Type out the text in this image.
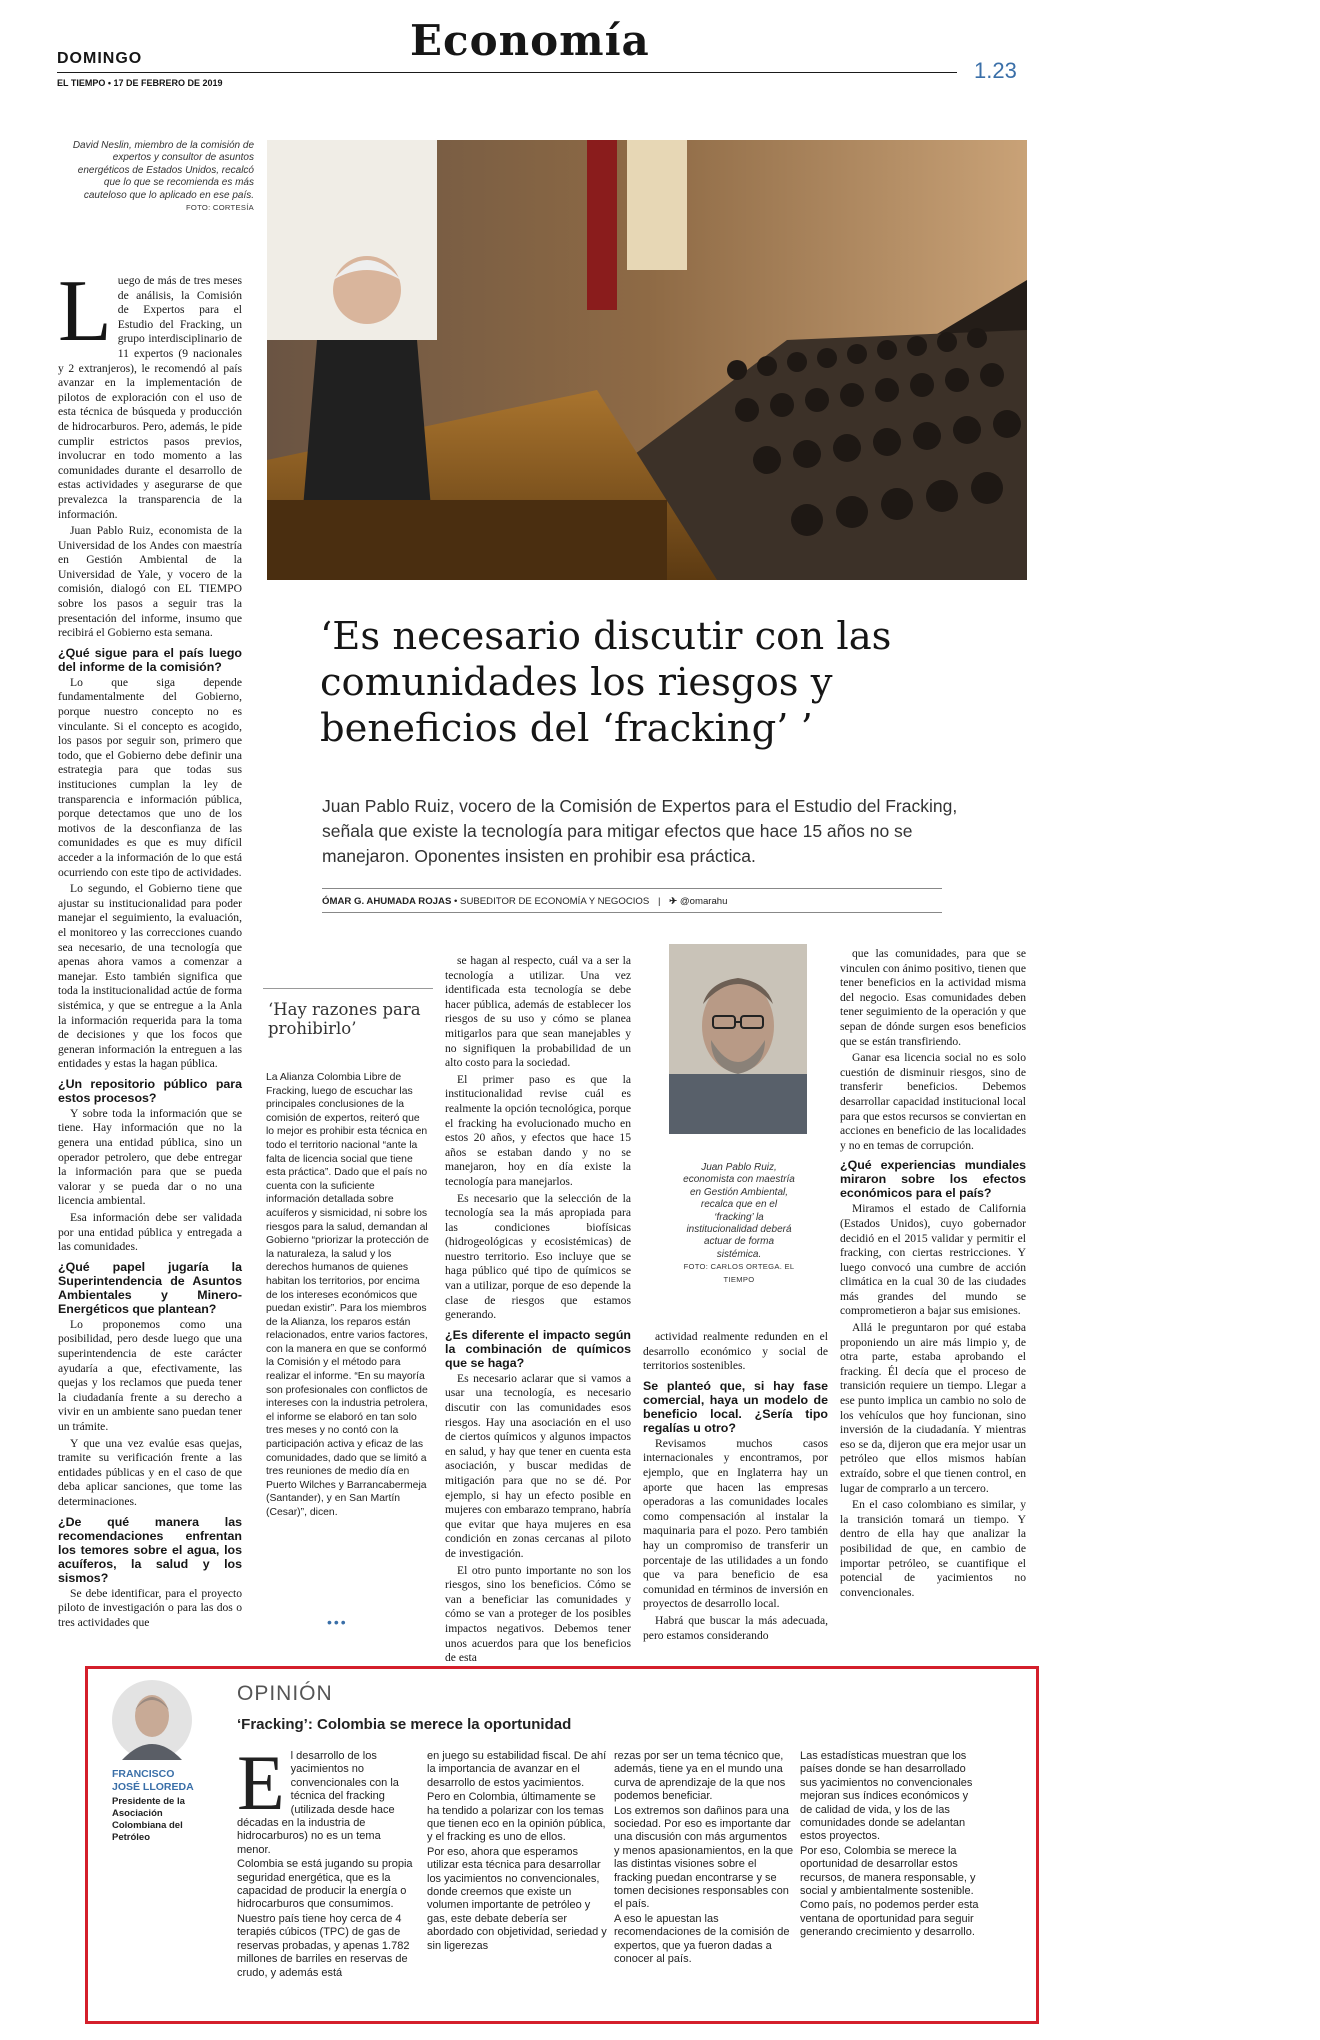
DOMINGO	Economía
EL TIEMPO • 17 DE FEBRERO DE 2019	1.23
David Neslin, miembro de la comisión de expertos y consultor de asuntos energéticos de Estados Unidos, recalcó que lo que se recomienda es más cauteloso que lo aplicado en ese país.
FOTO: CORTESÍA
‘Es necesario discutir con las comunidades los riesgos y beneficios del ‘fracking’ ’
Juan Pablo Ruiz, vocero de la Comisión de Expertos para el Estudio del Fracking, señala que existe la tecnología para mitigar efectos que hace 15 años no se manejaron. Oponentes insisten en prohibir esa práctica.
ÓMAR G. AHUMADA ROJAS • SUBEDITOR DE ECONOMÍA Y NEGOCIOS | ✈ @omarahu
L uego de más de tres meses de análisis, la Comisión de Expertos para el Estudio del Fracking, un grupo interdisciplinario de 11 expertos (9 nacionales y 2 extranjeros), le recomendó al país avanzar en la implementación de pilotos de exploración con el uso de esta técnica de búsqueda y producción de hidrocarburos. Pero, además, le pide cumplir estrictos pasos previos, involucrar en todo momento a las comunidades durante el desarrollo de estas actividades y asegurarse de que prevalezca la transparencia de la información.

Juan Pablo Ruiz, economista de la Universidad de los Andes con maestría en Gestión Ambiental de la Universidad de Yale, y vocero de la comisión, dialogó con EL TIEMPO sobre los pasos a seguir tras la presentación del informe, insumo que recibirá el Gobierno esta semana.

¿Qué sigue para el país luego del informe de la comisión?

Lo que siga depende fundamentalmente del Gobierno, porque nuestro concepto no es vinculante. Si el concepto es acogido, los pasos por seguir son, primero que todo, que el Gobierno debe definir una estrategia para que todas sus instituciones cumplan la ley de transparencia e información pública, porque detectamos que uno de los motivos de la desconfianza de las comunidades es que es muy difícil acceder a la información de lo que está ocurriendo con este tipo de actividades.

Lo segundo, el Gobierno tiene que ajustar su institucionalidad para poder manejar el seguimiento, la evaluación, el monitoreo y las correcciones cuando sea necesario, de una tecnología que apenas ahora vamos a comenzar a manejar. Esto también significa que toda la institucionalidad actúe de forma sistémica, y que se entregue a la Anla la información requerida para la toma de decisiones y que los focos que generan información la entreguen a las entidades y estas la hagan pública.

¿Un repositorio público para estos procesos?

Y sobre toda la información que se tiene. Hay información que no la genera una entidad pública, sino un operador petrolero, que debe entregar la información para que se pueda valorar y se pueda dar o no una licencia ambiental.

Esa información debe ser validada por una entidad pública y entregada a las comunidades.

¿Qué papel jugaría la Superintendencia de Asuntos Ambientales y Minero-Energéticos que plantean?

Lo proponemos como una posibilidad, pero desde luego que una superintendencia de este carácter ayudaría a que, efectivamente, las quejas y los reclamos que pueda tener la ciudadanía frente a su derecho a vivir en un ambiente sano puedan tener un trámite.

Y que una vez evalúe esas quejas, tramite su verificación frente a las entidades públicas y en el caso de que deba aplicar sanciones, que tome las determinaciones.

¿De qué manera las recomendaciones enfrentan los temores sobre el agua, los acuíferos, la salud y los sismos?

Se debe identificar, para el proyecto piloto de investigación o para las dos o tres actividades que

se hagan al respecto, cuál va a ser la tecnología a utilizar. Una vez identificada esta tecnología se debe hacer pública, además de establecer los riesgos de su uso y cómo se planea mitigarlos para que sean manejables y no signifiquen la probabilidad de un alto costo para la sociedad.

El primer paso es que la institucionalidad revise cuál es realmente la opción tecnológica, porque el fracking ha evolucionado mucho en estos 20 años, y efectos que hace 15 años se estaban dando y no se manejaron, hoy en día existe la tecnología para manejarlos.

Es necesario que la selección de la tecnología sea la más apropiada para las condiciones biofísicas (hidrogeológicas y ecosistémicas) de nuestro territorio. Eso incluye que se haga público qué tipo de químicos se van a utilizar, porque de eso depende la clase de riesgos que estamos generando.

¿Es diferente el impacto según la combinación de químicos que se haga?

Es necesario aclarar que si vamos a usar una tecnología, es necesario discutir con las comunidades esos riesgos. Hay una asociación en el uso de ciertos químicos y algunos impactos en salud, y hay que tener en cuenta esta asociación, y buscar medidas de mitigación para que no se dé. Por ejemplo, si hay un efecto posible en mujeres con embarazo temprano, habría que evitar que haya mujeres en esa condición en zonas cercanas al piloto de investigación.

El otro punto importante no son los riesgos, sino los beneficios. Cómo se van a beneficiar las comunidades y cómo se van a proteger de los posibles impactos negativos. Debemos tener unos acuerdos para que los beneficios de esta

actividad realmente redunden en el desarrollo económico y social de territorios sostenibles.

Se planteó que, si hay fase comercial, haya un modelo de beneficio local. ¿Sería tipo regalías u otro?

Revisamos muchos casos internacionales y encontramos, por ejemplo, que en Inglaterra hay un aporte que hacen las empresas operadoras a las comunidades locales como compensación al instalar la maquinaria para el pozo. Pero también hay un compromiso de transferir un porcentaje de las utilidades a un fondo que va para beneficio de esa comunidad en términos de inversión en proyectos de desarrollo local.

Habrá que buscar la más adecuada, pero estamos considerando

que las comunidades, para que se vinculen con ánimo positivo, tienen que tener beneficios en la actividad misma del negocio. Esas comunidades deben tener seguimiento de la operación y que sepan de dónde surgen esos beneficios que se están transfiriendo.

Ganar esa licencia social no es solo cuestión de disminuir riesgos, sino de transferir beneficios. Debemos desarrollar capacidad institucional local para que estos recursos se conviertan en acciones en beneficio de las localidades y no en temas de corrupción.

¿Qué experiencias mundiales miraron sobre los efectos económicos para el país?

Miramos el estado de California (Estados Unidos), cuyo gobernador decidió en el 2015 validar y permitir el fracking, con ciertas restricciones. Y luego convocó una cumbre de acción climática en la cual 30 de las ciudades más grandes del mundo se comprometieron a bajar sus emisiones.

Allá le preguntaron por qué estaba proponiendo un aire más limpio y, de otra parte, estaba aprobando el fracking. Él decía que el proceso de transición requiere un tiempo. Llegar a ese punto implica un cambio no solo de los vehículos que hoy funcionan, sino inversión de la ciudadanía. Y mientras eso se da, dijeron que era mejor usar un petróleo que ellos mismos habían extraído, sobre el que tienen control, en lugar de comprarlo a un tercero.

En el caso colombiano es similar, y la transición tomará un tiempo. Y dentro de ella hay que analizar la posibilidad de que, en cambio de importar petróleo, se cuantifique el potencial de yacimientos no convencionales.

‘Hay razones para prohibirlo’
La Alianza Colombia Libre de Fracking, luego de escuchar las principales conclusiones de la comisión de expertos, reiteró que lo mejor es prohibir esta técnica en todo el territorio nacional “ante la falta de licencia social que tiene esta práctica”. Dado que el país no cuenta con la suficiente información detallada sobre acuíferos y sismicidad, ni sobre los riesgos para la salud, demandan al Gobierno “priorizar la protección de la naturaleza, la salud y los derechos humanos de quienes habitan los territorios, por encima de los intereses económicos que puedan existir”. Para los miembros de la Alianza, los reparos están relacionados, entre varios factores, con la manera en que se conformó la Comisión y el método para realizar el informe. “En su mayoría son profesionales con conflictos de intereses con la industria petrolera, el informe se elaboró en tan solo tres meses y no contó con la participación activa y eficaz de las comunidades, dado que se limitó a tres reuniones de medio día en Puerto Wilches y Barrancabermeja (Santander), y en San Martín (Cesar)”, dicen.
•••
Juan Pablo Ruiz, economista con maestría en Gestión Ambiental, recalca que en el ‘fracking’ la institucionalidad deberá actuar de forma sistémica.
FOTO: CARLOS ORTEGA. EL TIEMPO
FRANCISCO JOSÉ LLOREDA
Presidente de la Asociación Colombiana del Petróleo
OPINIÓN
‘Fracking’: Colombia se merece la oportunidad
E l desarrollo de los yacimientos no convencionales con la técnica del fracking (utilizada desde hace décadas en la industria de hidrocarburos) no es un tema menor.

Colombia se está jugando su propia seguridad energética, que es la capacidad de producir la energía o hidrocarburos que consumimos.

Nuestro país tiene hoy cerca de 4 terapiés cúbicos (TPC) de gas de reservas probadas, y apenas 1.782 millones de barriles en reservas de crudo, y además está

en juego su estabilidad fiscal. De ahí la importancia de avanzar en el desarrollo de estos yacimientos.

Pero en Colombia, últimamente se ha tendido a polarizar con los temas que tienen eco en la opinión pública, y el fracking es uno de ellos.

Por eso, ahora que esperamos utilizar esta técnica para desarrollar los yacimientos no convencionales, donde creemos que existe un volumen importante de petróleo y gas, este debate debería ser abordado con objetividad, seriedad y sin ligerezas

rezas por ser un tema técnico que, además, tiene ya en el mundo una curva de aprendizaje de la que nos podemos beneficiar.

Los extremos son dañinos para una sociedad. Por eso es importante dar una discusión con más argumentos y menos apasionamientos, en la que las distintas visiones sobre el fracking puedan encontrarse y se tomen decisiones responsables con el país.

A eso le apuestan las recomendaciones de la comisión de expertos, que ya fueron dadas a conocer al país.

Las estadísticas muestran que los países donde se han desarrollado sus yacimientos no convencionales mejoran sus índices económicos y de calidad de vida, y los de las comunidades donde se adelantan estos proyectos.

Por eso, Colombia se merece la oportunidad de desarrollar estos recursos, de manera responsable, y social y ambientalmente sostenible.

Como país, no podemos perder esta ventana de oportunidad para seguir generando crecimiento y desarrollo.
